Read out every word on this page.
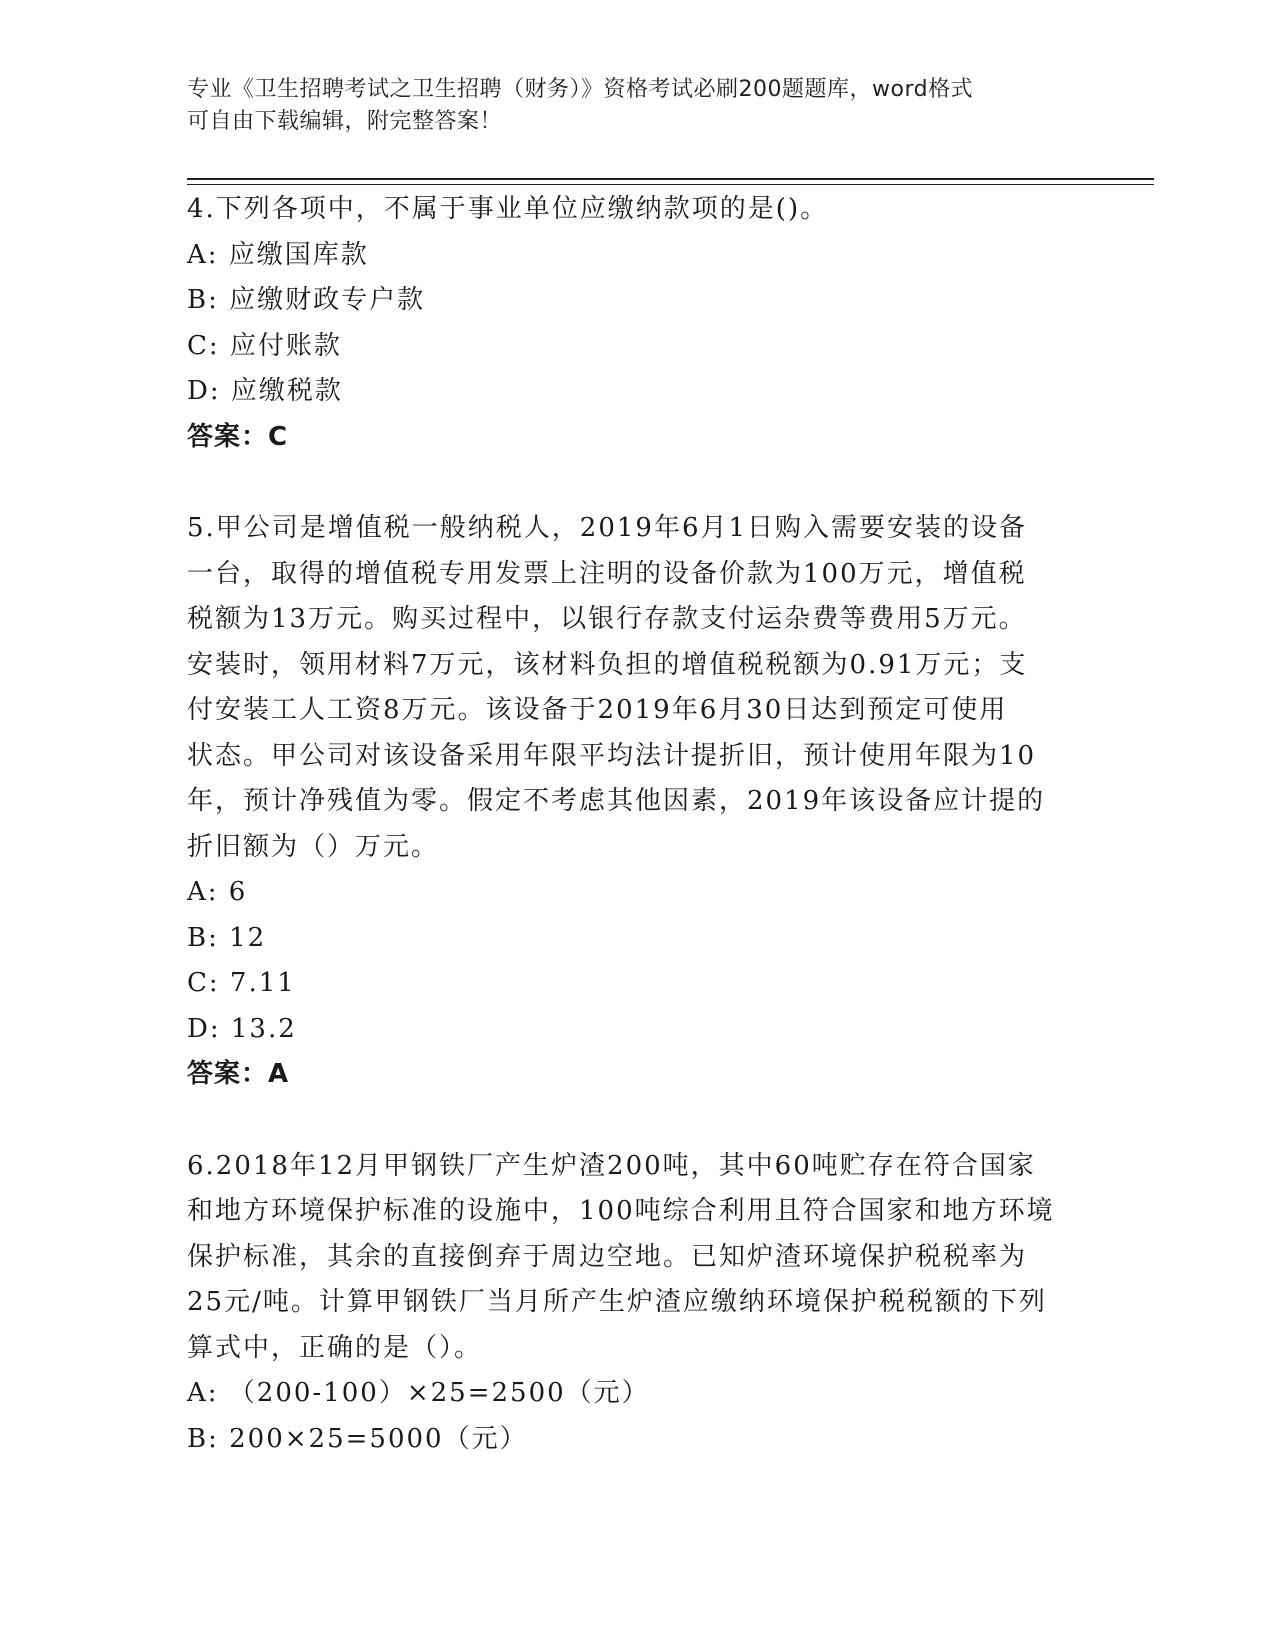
专业《卫生招聘考试之卫生招聘（财务）》资格考试必刷200题题库，word格式
可自由下载编辑，附完整答案！

4.下列各项中，不属于事业单位应缴纳款项的是()。

A: 应缴国库款

B: 应缴财政专户款

C: 应付账款

D: 应缴税款

答案：C

5.甲公司是增值税一般纳税人，2019年6月1日购入需要安装的设备

一台，取得的增值税专用发票上注明的设备价款为100万元，增值税

税额为13万元。购买过程中，以银行存款支付运杂费等费用5万元。

安装时，领用材料7万元，该材料负担的增值税税额为0.91万元；支

付安装工人工资8万元。该设备于2019年6月30日达到预定可使用

状态。甲公司对该设备采用年限平均法计提折旧，预计使用年限为10

年，预计净残值为零。假定不考虑其他因素，2019年该设备应计提的

折旧额为（）万元。

A: 6

B: 12

C: 7.11

D: 13.2

答案：A

6.2018年12月甲钢铁厂产生炉渣200吨，其中60吨贮存在符合国家

和地方环境保护标准的设施中，100吨综合利用且符合国家和地方环境

保护标准，其余的直接倒弃于周边空地。已知炉渣环境保护税税率为

25元/吨。计算甲钢铁厂当月所产生炉渣应缴纳环境保护税税额的下列

算式中，正确的是（）。

A: （200-100）×25=2500（元）

B: 200×25=5000（元）
